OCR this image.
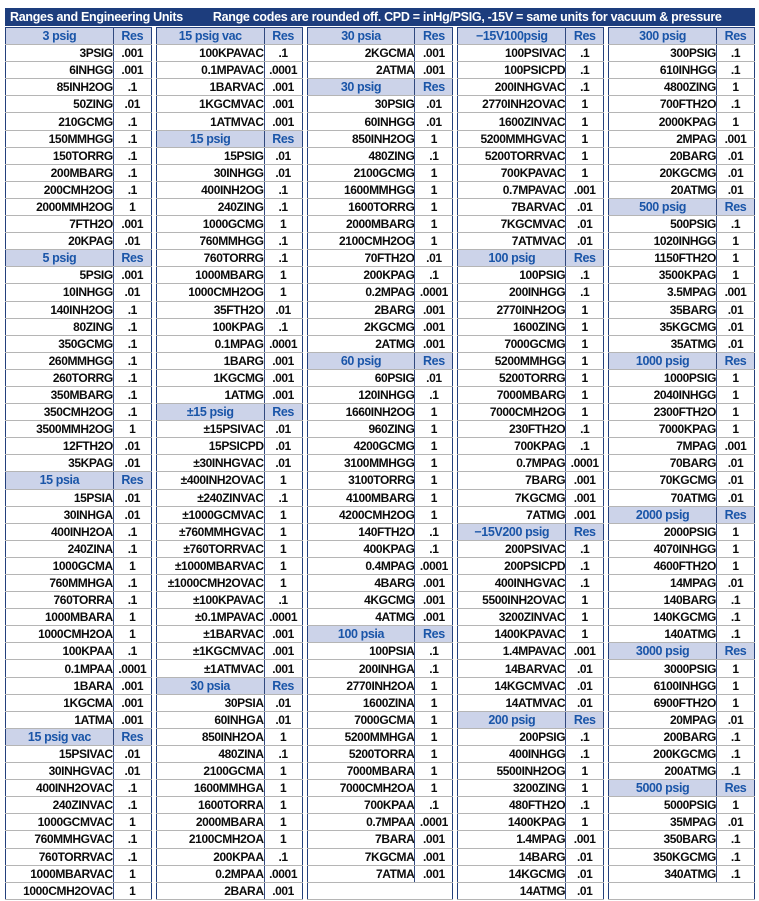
Ranges and Engineering Units Range codes are rounded off. CPD = inHg/PSIG, -15V = same units for vacuum & pressure
3 psig	Res
3PSIG	.001
6INHGG	.001
85INH2OG	.1
50ZING	.01
210GCMG	.1
150MMHGG	.1
150TORRG	.1
200MBARG	.1
200CMH2OG	.1
2000MMH2OG	1
7FTH2O	.001
20KPAG	.01
5 psig	Res
5PSIG	.001
10INHGG	.01
140INH2OG	.1
80ZING	.1
350GCMG	.1
260MMHGG	.1
260TORRG	.1
350MBARG	.1
350CMH2OG	.1
3500MMH2OG	1
12FTH2O	.01
35KPAG	.01
15 psia	Res
15PSIA	.01
30INHGA	.01
400INH2OA	.1
240ZINA	.1
1000GCMA	1
760MMHGA	.1
760TORRA	.1
1000MBARA	1
1000CMH2OA	1
100KPAA	.1
0.1MPAA	.0001
1BARA	.001
1KGCMA	.001
1ATMA	.001
15 psig vac	Res
15PSIVAC	.01
30INHGVAC	.01
400INH2OVAC	.1
240ZINVAC	.1
1000GCMVAC	1
760MMHGVAC	.1
760TORRVAC	.1
1000MBARVAC	1
1000CMH2OVAC	1
15 psig vac	Res
100KPAVAC	.1
0.1MPAVAC	.0001
1BARVAC	.001
1KGCMVAC	.001
1ATMVAC	.001
15 psig	Res
15PSIG	.01
30INHGG	.01
400INH2OG	.1
240ZING	.1
1000GCMG	1
760MMHGG	.1
760TORRG	.1
1000MBARG	1
1000CMH2OG	1
35FTH2O	.01
100KPAG	.1
0.1MPAG	.0001
1BARG	.001
1KGCMG	.001
1ATMG	.001
±15 psig	Res
±15PSIVAC	.01
15PSICPD	.01
±30INHGVAC	.01
±400INH2OVAC	1
±240ZINVAC	.1
±1000GCMVAC	1
±760MMHGVAC	1
±760TORRVAC	1
±1000MBARVAC	1
±1000CMH2OVAC	1
±100KPAVAC	.1
±0.1MPAVAC	.0001
±1BARVAC	.001
±1KGCMVAC	.001
±1ATMVAC	.001
30 psia	Res
30PSIA	.01
60INHGA	.01
850INH2OA	1
480ZINA	.1
2100GCMA	1
1600MMHGA	1
1600TORRA	1
2000MBARA	1
2100CMH2OA	1
200KPAA	.1
0.2MPAA	.0001
2BARA	.001
30 psia	Res
2KGCMA	.001
2ATMA	.001
30 psig	Res
30PSIG	.01
60INHGG	.01
850INH2OG	1
480ZING	.1
2100GCMG	1
1600MMHGG	1
1600TORRG	1
2000MBARG	1
2100CMH2OG	1
70FTH2O	.01
200KPAG	.1
0.2MPAG	.0001
2BARG	.001
2KGCMG	.001
2ATMG	.001
60 psig	Res
60PSIG	.01
120INHGG	.1
1660INH2OG	1
960ZING	1
4200GCMG	1
3100MMHGG	1
3100TORRG	1
4100MBARG	1
4200CMH2OG	1
140FTH2O	.1
400KPAG	.1
0.4MPAG	.0001
4BARG	.001
4KGCMG	.001
4ATMG	.001
100 psia	Res
100PSIA	.1
200INHGA	.1
2770INH2OA	1
1600ZINA	1
7000GCMA	1
5200MMHGA	1
5200TORRA	1
7000MBARA	1
7000CMH2OA	1
700KPAA	.1
0.7MPAA	.0001
7BARA	.001
7KGCMA	.001
7ATMA	.001

−15V100psig	Res
100PSIVAC	.1
100PSICPD	.1
200INHGVAC	.1
2770INH2OVAC	1
1600ZINVAC	1
5200MMHGVAC	1
5200TORRVAC	1
700KPAVAC	1
0.7MPAVAC	.001
7BARVAC	.01
7KGCMVAC	.01
7ATMVAC	.01
100 psig	Res
100PSIG	.1
200INHGG	.1
2770INH2OG	1
1600ZING	1
7000GCMG	1
5200MMHGG	1
5200TORRG	1
7000MBARG	1
7000CMH2OG	1
230FTH2O	.1
700KPAG	.1
0.7MPAG	.0001
7BARG	.001
7KGCMG	.001
7ATMG	.001
−15V200 psig	Res
200PSIVAC	.1
200PSICPD	.1
400INHGVAC	.1
5500INH2OVAC	1
3200ZINVAC	1
1400KPAVAC	1
1.4MPAVAC	.001
14BARVAC	.01
14KGCMVAC	.01
14ATMVAC	.01
200 psig	Res
200PSIG	.1
400INHGG	.1
5500INH2OG	1
3200ZING	1
480FTH2O	.1
1400KPAG	1
1.4MPAG	.001
14BARG	.01
14KGCMG	.01
14ATMG	.01
300 psig	Res
300PSIG	.1
610INHGG	.1
4800ZING	1
700FTH2O	.1
2000KPAG	1
2MPAG	.001
20BARG	.01
20KGCMG	.01
20ATMG	.01
500 psig	Res
500PSIG	.1
1020INHGG	1
1150FTH2O	1
3500KPAG	1
3.5MPAG	.001
35BARG	.01
35KGCMG	.01
35ATMG	.01
1000 psig	Res
1000PSIG	1
2040INHGG	1
2300FTH2O	1
7000KPAG	1
7MPAG	.001
70BARG	.01
70KGCMG	.01
70ATMG	.01
2000 psig	Res
2000PSIG	1
4070INHGG	1
4600FTH2O	1
14MPAG	.01
140BARG	.1
140KGCMG	.1
140ATMG	.1
3000 psig	Res
3000PSIG	1
6100INHGG	1
6900FTH2O	1
20MPAG	.01
200BARG	.1
200KGCMG	.1
200ATMG	.1
5000 psig	Res
5000PSIG	1
35MPAG	.01
350BARG	.1
350KGCMG	.1
340ATMG	.1
